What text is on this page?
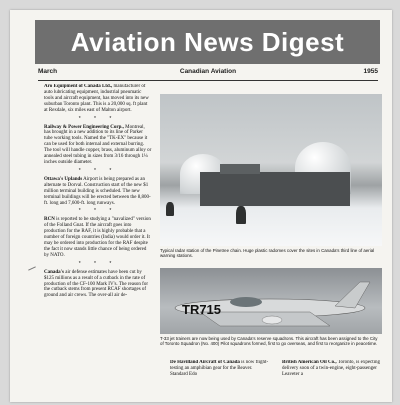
Aviation News Digest
March	Canadian Aviation	1955

Aro Equipment of Canada Ltd., manufacturer of auto lubricating equipment, industrial pneumatic tools and aircraft equipment, has moved into its new suburban Toronto plant. This is a 20,000 sq. ft plant at Rexdale, six miles east of Malton airport.

* * *

Railway & Power Engineering Corp., Montreal, has brought in a new addition to its line of Parker tube working tools. Named the "TK-EX" because it can be used for both internal and external burring. The tool will handle copper, brass, aluminum alloy or annealed steel tubing in sizes from 3/16 through 1¼ inches outside diameter.

* * *

Ottawa's Uplands Airport is being prepared as an alternate to Dorval. Construction start of the new $1 million terminal building is scheduled. The new terminal buildings will be erected between the 8,800-ft. long and 7,600-ft. long runways.

* * *

RCN is reported to be studying a "navalized" version of the Folland Gnat. If the aircraft goes into production for the RAF, it is highly probable that a number of foreign countries (India) would order it. It may be ordered into production for the RAF despite the fact it now stands little chance of being ordered by NATO.

* * *

Canada's air defense estimates have been cut by $125 millions as a result of a cutback in the rate of production of the CF-100 Mark IV's. The reason for the cutback stems from present RCAF shortages of ground and air crews. The over-all air de-

Typical radar station of the Pinetree chain. Huge plastic radomes cover the sites in Canada's third line of aerial warning stations.
TR715
T-33 jet trainers are now being used by Canada's reserve squadrons. This aircraft has been assigned to the City of Toronto Squadron (No. 400) Pilot squadrons formed, first to go overseas, and first to reorganize in peacetime.

De Havilland Aircraft of Canada is now flight-testing an amphibian gear for the Beaver. Standard Edo

British American Oil Co., Toronto, is expecting delivery soon of a twin-engine, eight-passenger Leaveter a
